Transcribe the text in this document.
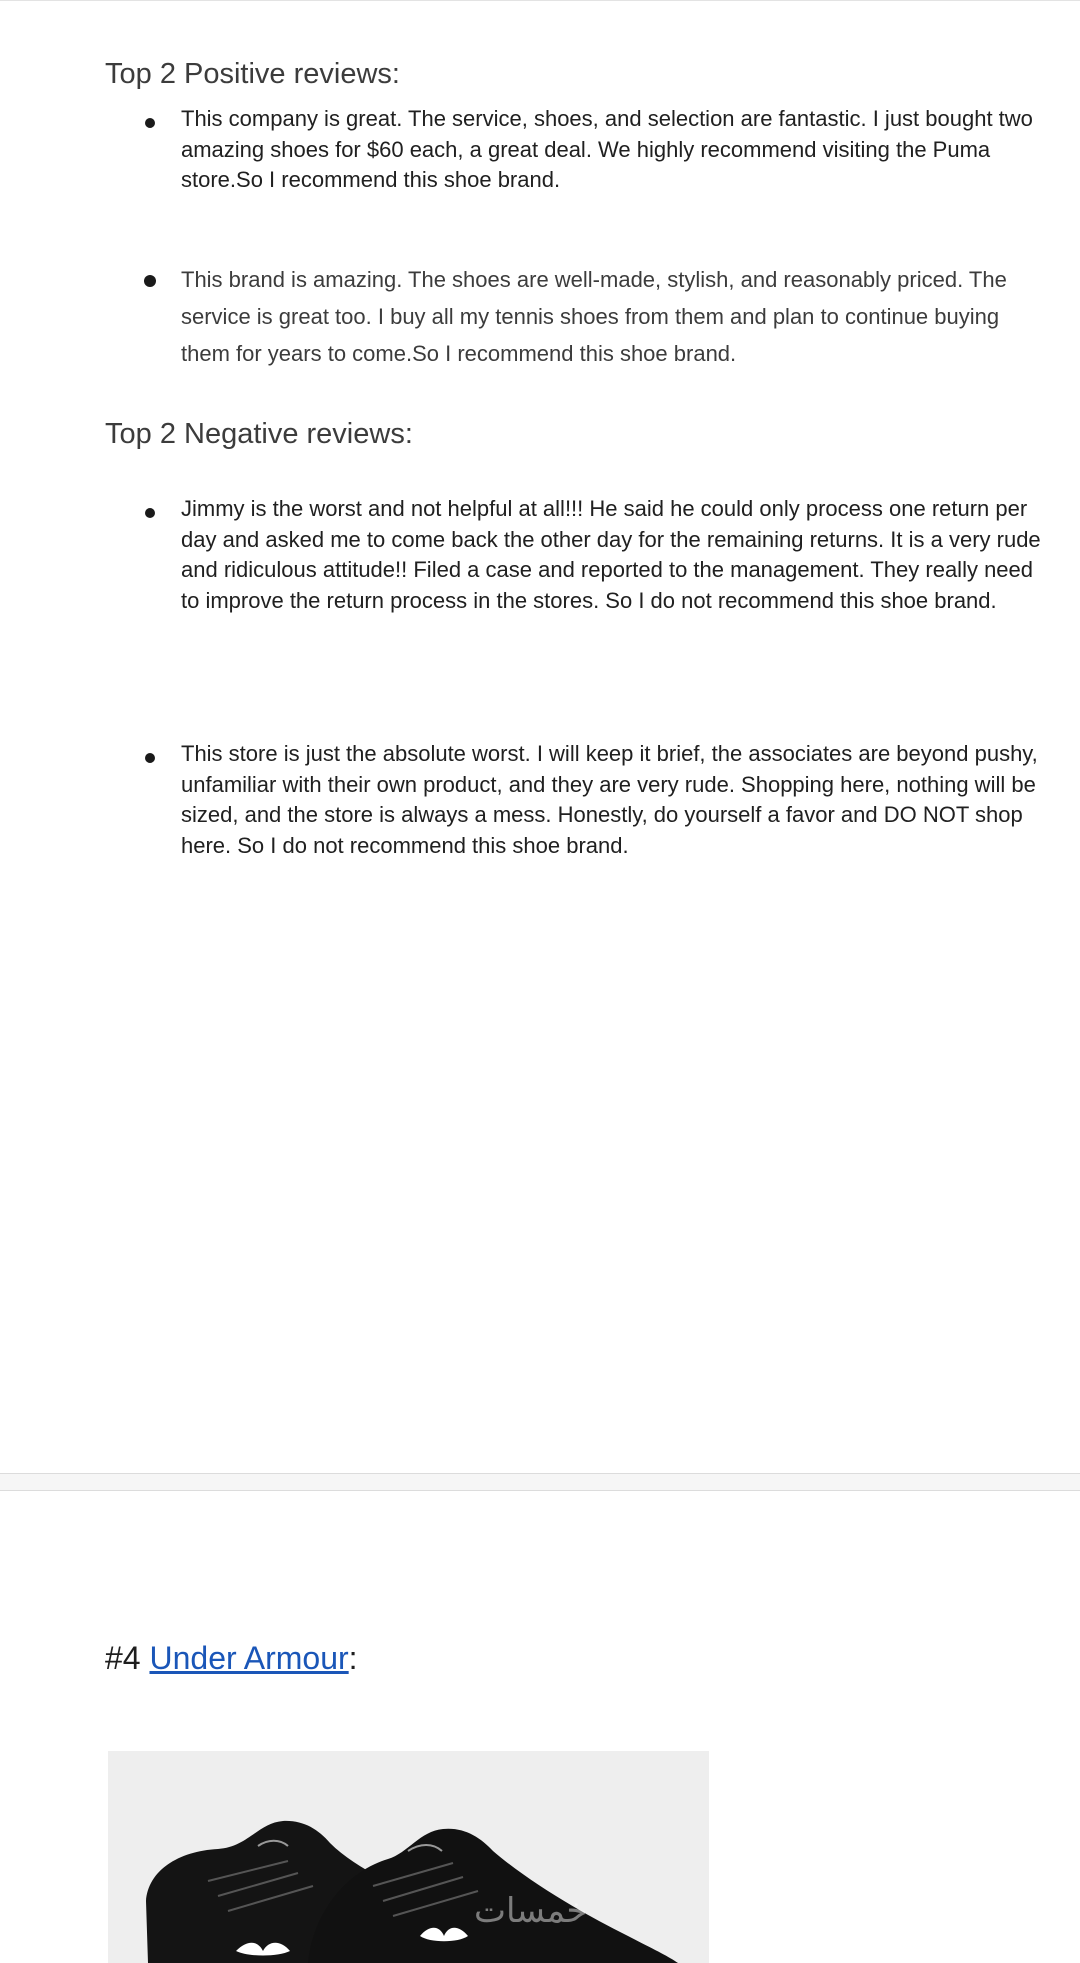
Top 2 Positive reviews:
This company is great. The service, shoes, and selection are fantastic. I just bought two amazing shoes for $60 each, a great deal. We highly recommend visiting the Puma store.So I recommend this shoe brand.
This brand is amazing. The shoes are well-made, stylish, and reasonably priced. The service is great too. I buy all my tennis shoes from them and plan to continue buying them for years to come.So I recommend this shoe brand.
Top 2 Negative reviews:
Jimmy is the worst and not helpful at all!!! He said he could only process one return per day and asked me to come back the other day for the remaining returns. It is a very rude and ridiculous attitude!! Filed a case and reported to the management. They really need to improve the return process in the stores. So I do not recommend this shoe brand.
This store is just the absolute worst. I will keep it brief, the associates are beyond pushy, unfamiliar with their own product, and they are very rude. Shopping here, nothing will be sized, and the store is always a mess. Honestly, do yourself a favor and DO NOT shop here. So I do not recommend this shoe brand.
#4 Under Armour:
خمسات
